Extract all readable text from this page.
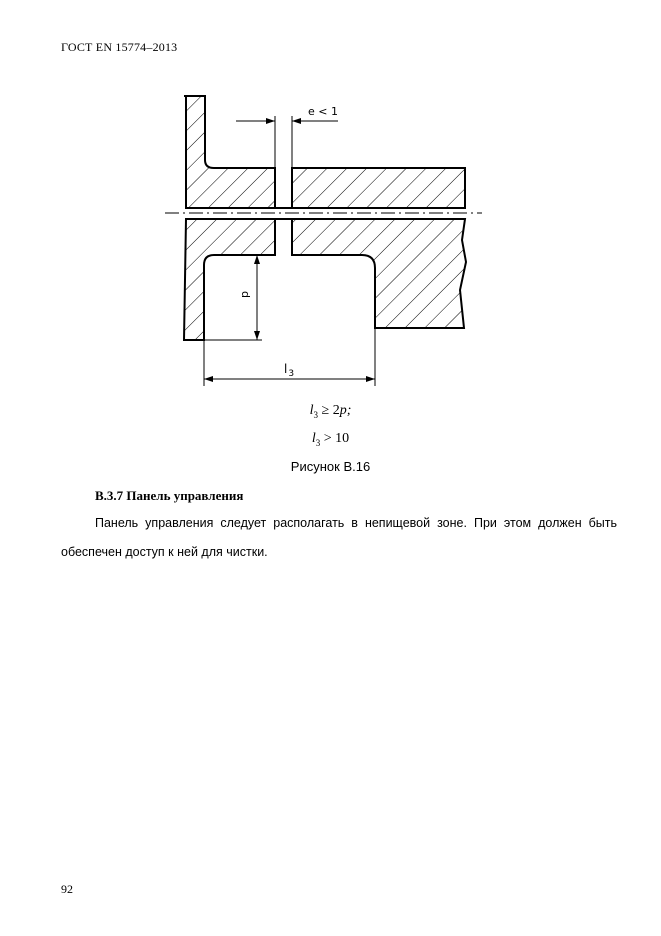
ГОСТ EN 15774–2013
e < 1
p
$l_3$
$l_3 \ge 2p$;
$l_3 > 10$
Рисунок В.16
В.3.7 Панель управления
Панель управления следует располагать в непищевой зоне. При этом должен быть обеспечен доступ к ней для чистки.
92
